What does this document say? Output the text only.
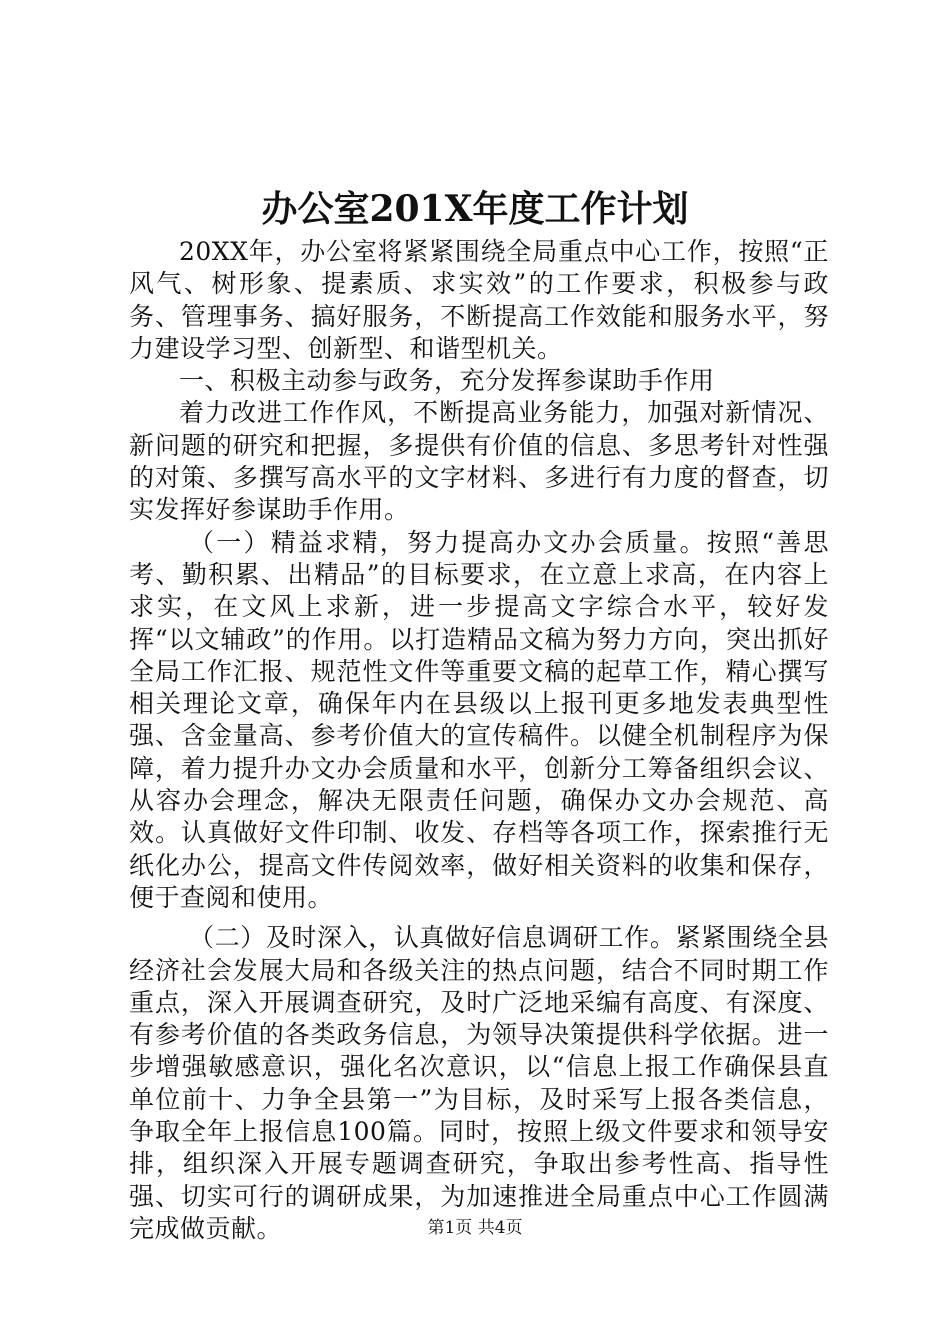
办公室201X年度工作计划

20XX年，办公室将紧紧围绕全局重点中心工作，按照“正风气、树形象、提素质、求实效”的工作要求，积极参与政务、管理事务、搞好服务，不断提高工作效能和服务水平，努力建设学习型、创新型、和谐型机关。

一、积极主动参与政务，充分发挥参谋助手作用

着力改进工作作风，不断提高业务能力，加强对新情况、新问题的研究和把握，多提供有价值的信息、多思考针对性强的对策、多撰写高水平的文字材料、多进行有力度的督查，切实发挥好参谋助手作用。

（一）精益求精，努力提高办文办会质量。按照“善思考、勤积累、出精品”的目标要求，在立意上求高，在内容上求实，在文风上求新，进一步提高文字综合水平，较好发挥“以文辅政”的作用。以打造精品文稿为努力方向，突出抓好全局工作汇报、规范性文件等重要文稿的起草工作，精心撰写相关理论文章，确保年内在县级以上报刊更多地发表典型性强、含金量高、参考价值大的宣传稿件。以健全机制程序为保障，着力提升办文办会质量和水平，创新分工筹备组织会议、从容办会理念，解决无限责任问题，确保办文办会规范、高效。认真做好文件印制、收发、存档等各项工作，探索推行无纸化办公，提高文件传阅效率，做好相关资料的收集和保存，便于查阅和使用。

（二）及时深入，认真做好信息调研工作。紧紧围绕全县经济社会发展大局和各级关注的热点问题，结合不同时期工作重点，深入开展调查研究，及时广泛地采编有高度、有深度、有参考价值的各类政务信息，为领导决策提供科学依据。进一步增强敏感意识，强化名次意识，以“信息上报工作确保县直单位前十、力争全县第一”为目标，及时采写上报各类信息，争取全年上报信息100篇。同时，按照上级文件要求和领导安排，组织深入开展专题调查研究，争取出参考性高、指导性强、切实可行的调研成果，为加速推进全局重点中心工作圆满完成做贡献。	第1页 共4页
